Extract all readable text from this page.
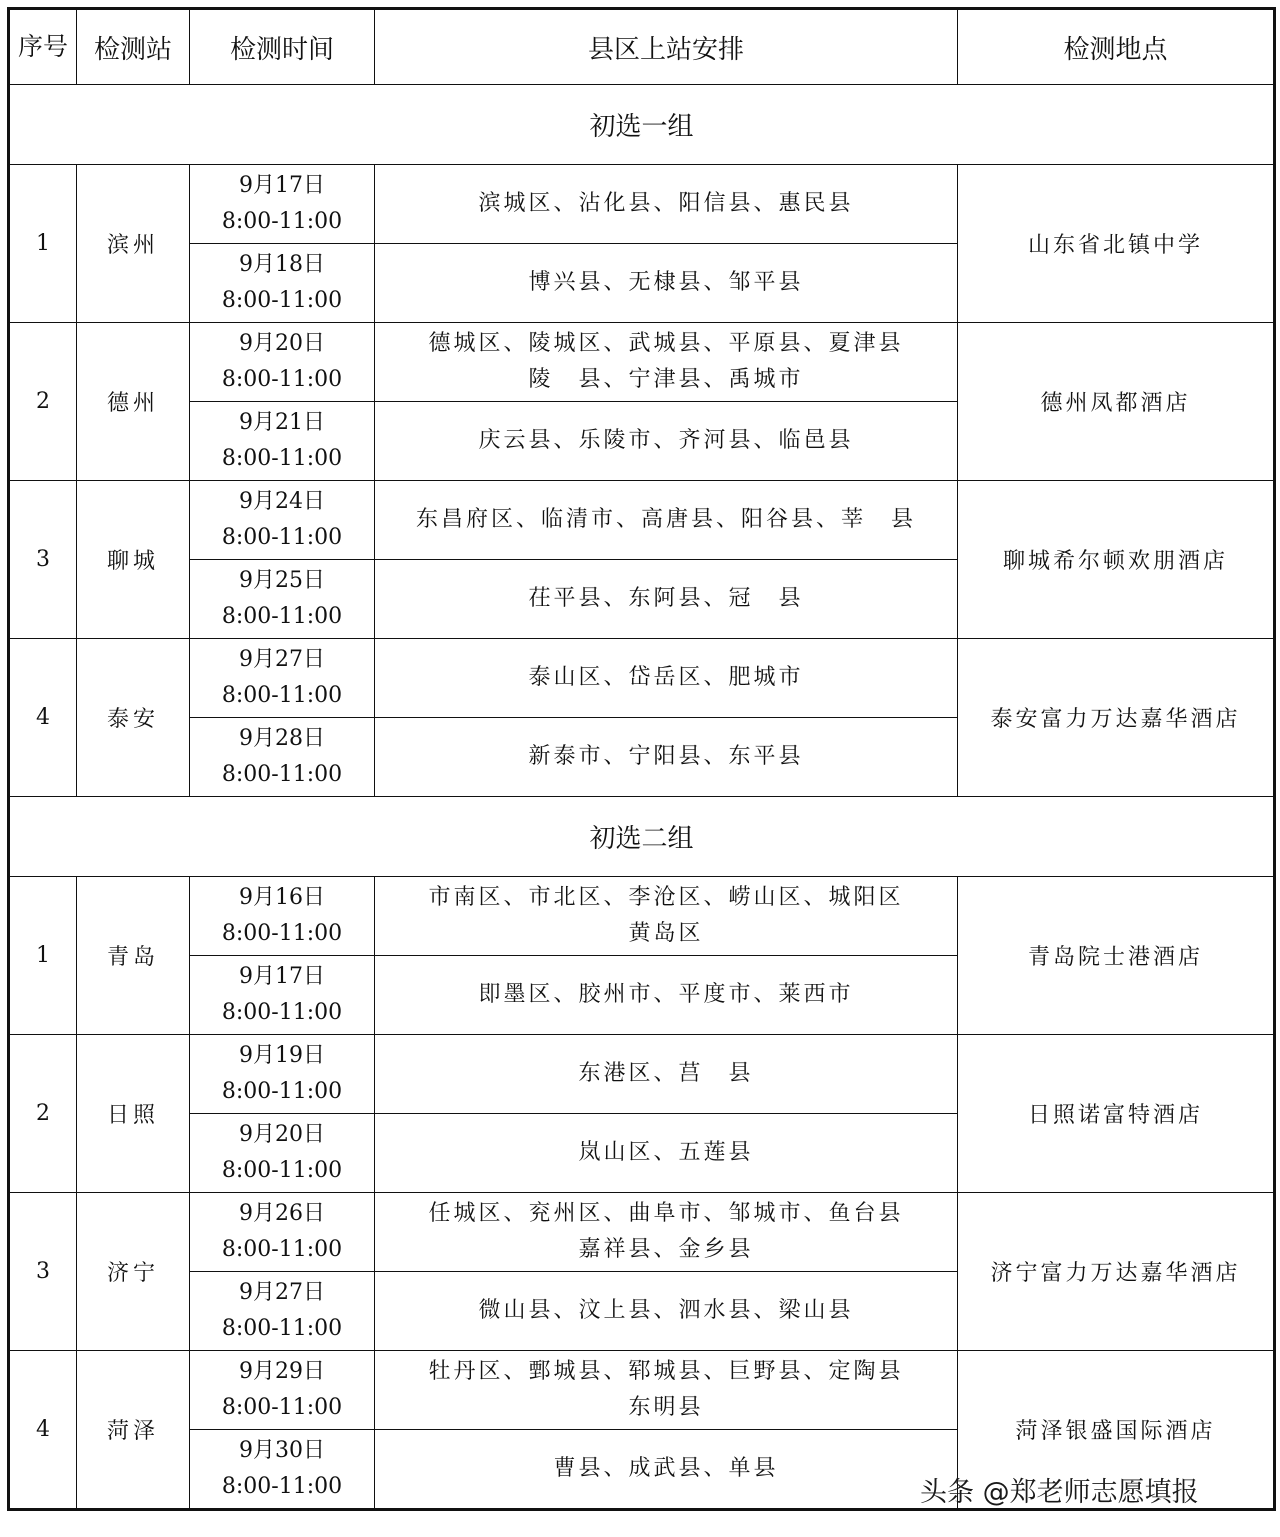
序号	检测站	检测时间	县区上站安排	检测地点
初选一组				
1	滨州	9月17日
8:00-11:00	滨城区、沾化县、阳信县、惠民县	山东省北镇中学

		9月18日
8:00-11:00	博兴县、无棣县、邹平县	

2	德州	9月20日
8:00-11:00	德城区、陵城区、武城县、平原县、夏津县
陵　县、宁津县、禹城市	德州凤都酒店

		9月21日
8:00-11:00	庆云县、乐陵市、齐河县、临邑县	

3	聊城	9月24日
8:00-11:00	东昌府区、临清市、高唐县、阳谷县、莘　县	聊城希尔顿欢朋酒店

		9月25日
8:00-11:00	茌平县、东阿县、冠　县	

4	泰安	9月27日
8:00-11:00	泰山区、岱岳区、肥城市	泰安富力万达嘉华酒店

		9月28日
8:00-11:00	新泰市、宁阳县、东平县	

初选二组				
1	青岛	9月16日
8:00-11:00	市南区、市北区、李沧区、崂山区、城阳区
黄岛区	青岛院士港酒店

		9月17日
8:00-11:00	即墨区、胶州市、平度市、莱西市	

2	日照	9月19日
8:00-11:00	东港区、莒　县	日照诺富特酒店

		9月20日
8:00-11:00	岚山区、五莲县	

3	济宁	9月26日
8:00-11:00	任城区、兖州区、曲阜市、邹城市、鱼台县
嘉祥县、金乡县	济宁富力万达嘉华酒店

		9月27日
8:00-11:00	微山县、汶上县、泗水县、梁山县	

4	菏泽	9月29日
8:00-11:00	牡丹区、鄄城县、郓城县、巨野县、定陶县
东明县	菏泽银盛国际酒店

		9月30日
8:00-11:00	曹县、成武县、单县	
头条 @郑老师志愿填报
